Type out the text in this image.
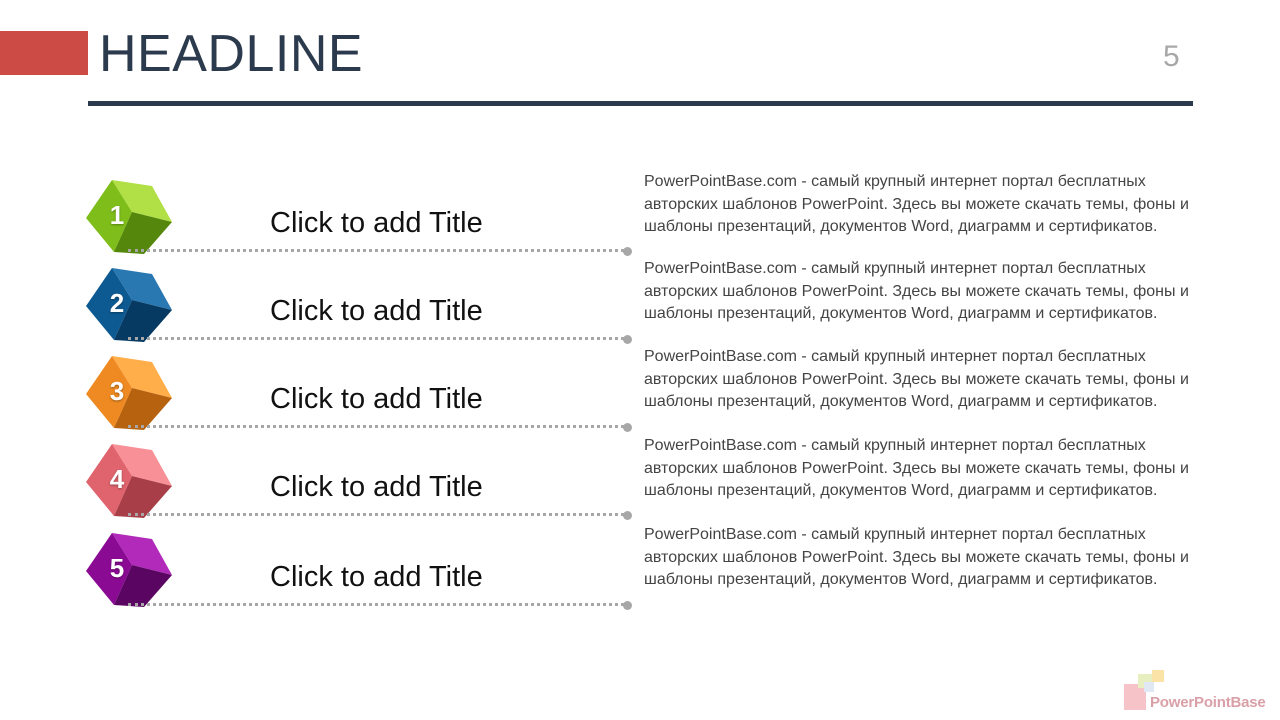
HEADLINE	5
1	Click to add Title
PowerPointBase.com - самый крупный интернет портал бесплатных авторских шаблонов PowerPoint. Здесь вы можете скачать темы, фоны и шаблоны презентаций, документов Word, диаграмм и сертификатов.
2	Click to add Title
PowerPointBase.com - самый крупный интернет портал бесплатных авторских шаблонов PowerPoint. Здесь вы можете скачать темы, фоны и шаблоны презентаций, документов Word, диаграмм и сертификатов.
3	Click to add Title
PowerPointBase.com - самый крупный интернет портал бесплатных авторских шаблонов PowerPoint. Здесь вы можете скачать темы, фоны и шаблоны презентаций, документов Word, диаграмм и сертификатов.
4	Click to add Title
PowerPointBase.com - самый крупный интернет портал бесплатных авторских шаблонов PowerPoint. Здесь вы можете скачать темы, фоны и шаблоны презентаций, документов Word, диаграмм и сертификатов.
5	Click to add Title
PowerPointBase.com - самый крупный интернет портал бесплатных авторских шаблонов PowerPoint. Здесь вы можете скачать темы, фоны и шаблоны презентаций, документов Word, диаграмм и сертификатов.
PowerPointBase
